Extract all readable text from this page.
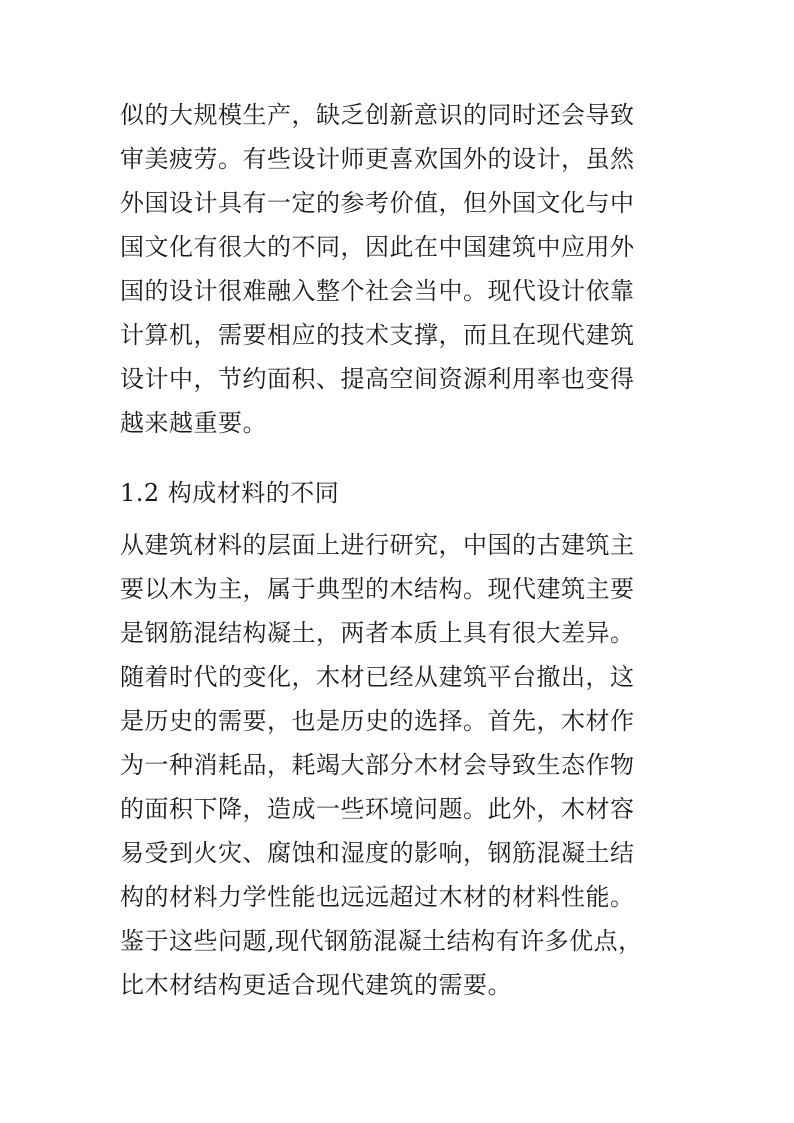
似的大规模生产，缺乏创新意识的同时还会导致
审美疲劳。有些设计师更喜欢国外的设计，虽然
外国设计具有一定的参考价值，但外国文化与中
国文化有很大的不同，因此在中国建筑中应用外
国的设计很难融入整个社会当中。现代设计依靠
计算机，需要相应的技术支撑，而且在现代建筑
设计中，节约面积、提高空间资源利用率也变得
越来越重要。
1.2 构成材料的不同
从建筑材料的层面上进行研究，中国的古建筑主
要以木为主，属于典型的木结构。现代建筑主要
是钢筋混结构凝土，两者本质上具有很大差异。
随着时代的变化，木材已经从建筑平台撤出，这
是历史的需要，也是历史的选择。首先，木材作
为一种消耗品，耗竭大部分木材会导致生态作物
的面积下降，造成一些环境问题。此外，木材容
易受到火灾、腐蚀和湿度的影响，钢筋混凝土结
构的材料力学性能也远远超过木材的材料性能。
鉴于这些问题,现代钢筋混凝土结构有许多优点，
比木材结构更适合现代建筑的需要。
